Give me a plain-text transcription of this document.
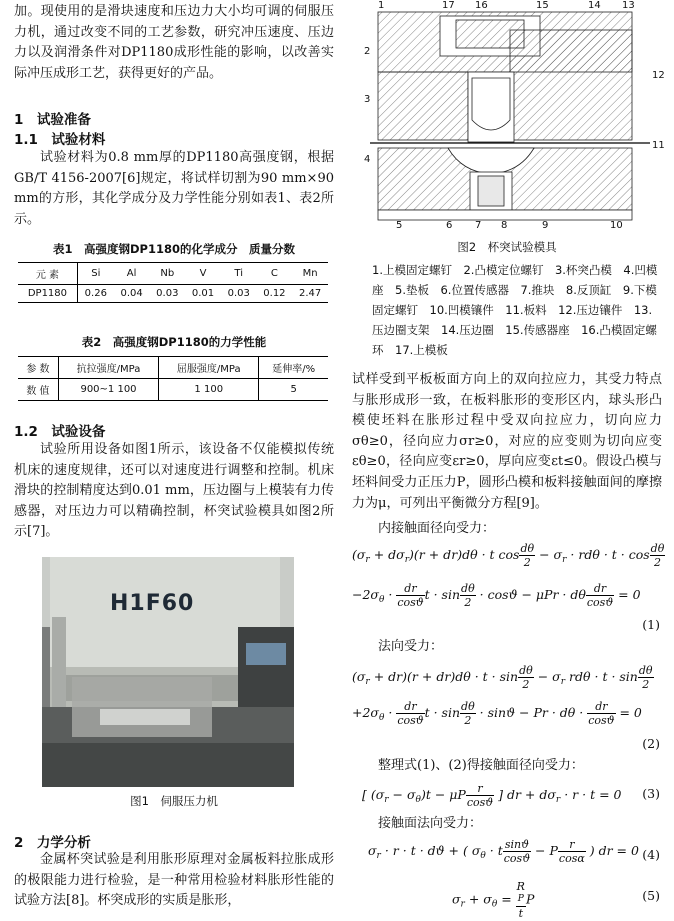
加。现使用的是滑块速度和压边力大小均可调的伺服压力机，通过改变不同的工艺参数，研究冲压速度、压边力以及润滑条件对DP1180成形性能的影响，以改善实际冲压成形工艺，获得更好的产品。

1　试验准备
1.1　试验材料

试验材料为0.8 mm厚的DP1180高强度钢，根据GB/T 4156-2007[6]规定，将试样切割为90 mm×90 mm的方形，其化学成分及力学性能分别如表1、表2所示。

表1　高强度钢DP1180的化学成分　质量分数
元 素	Si	Al	Nb	V	Ti	C	Mn
DP1180	0.26	0.04	0.03	0.01	0.03	0.12	2.47
表2　高强度钢DP1180的力学性能
参 数	抗拉强度/MPa	屈服强度/MPa	延伸率/%
数 值	900~1 100	1 100	5
1.2　试验设备

试验所用设备如图1所示，该设备不仅能模拟传统机床的速度规律，还可以对速度进行调整和控制。机床滑块的控制精度达到0.01 mm，压边圈与上模装有力传感器，对压边力可以精确控制，杯突试验模具如图2所示[7]。

H1F60
图1　伺服压力机
2　力学分析

金属杯突试验是利用胀形原理对金属板料拉胀成形的极限能力进行检验，是一种常用检验材料胀形性能的试验方法[8]。杯突成形的实质是胀形，

1	17 16	15	14 13
2
12
3
11
4
5	6 7 8	9	10
图2　杯突试验模具
1.上模固定螺钉　2.凸模定位螺钉　3.杯突凸模　4.凹模座　5.垫板　6.位置传感器　7.推块　8.反顶缸　9.下模固定螺钉　10.凹模镶件　11.板料　12.压边镶件　13.压边圈支架　14.压边圈　15.传感器座　16.凸模固定螺环　17.上模板

试样受到平板板面方向上的双向拉应力，其受力特点与胀形成形一致，在板料胀形的变形区内，球头形凸模使坯料在胀形过程中受双向拉应力，切向应力σθ≥0，径向应力σr≥0，对应的应变则为切向应变εθ≥0，径向应变εr≥0，厚向应变εt≤0。假设凸模与坯料间受力正压力P，圆形凸模和板料接触面间的摩擦力为μ，可列出平衡微分方程[9]。

内接触面径向受力：

$(\sigma_r + d\sigma_r)(r + dr)d\theta \cdot t$ $\cos \frac{d\theta}{2} - \sigma_r \cdot rd\theta \cdot t \cdot \cos \frac{d\theta}{2}$
$-2\sigma_\theta \cdot \frac{dr}{\cos ϑ}$ $t \cdot \sin \frac{d\theta}{2} \cdot \cos ϑ - \mu Pr \cdot d\theta \frac{dr}{\cos ϑ} = 0$
(1)

法向受力：

$(\sigma_r + dr)(r + dr)d\theta \cdot t \cdot \sin \frac{d\theta}{2} - \sigma_r$ $rd\theta \cdot t \cdot \sin \frac{d\theta}{2}$
$+2\sigma_\theta \cdot \frac{dr}{\cos ϑ}$ $t \cdot \sin \frac{d\theta}{2} \cdot \sin ϑ - Pr \cdot d\theta \cdot \frac{dr}{\cos ϑ} = 0$
(2)

整理式(1)、(2)得接触面径向受力：

[ $(\sigma_r - \sigma_\theta)t - \mu P \frac{r}{\cos ϑ}$ ] dr + $d\sigma_r \cdot r \cdot t = 0$ (3)

接触面法向受力：

$\sigma_r \cdot r \cdot t \cdot dϑ$ + ( $\sigma_\theta \cdot t \frac{\sin ϑ}{\cos ϑ} - P \frac{r}{\cos\alpha}$ ) dr = 0 (4)
$\sigma_r + \sigma_\theta = R$
P
t P	(5)
